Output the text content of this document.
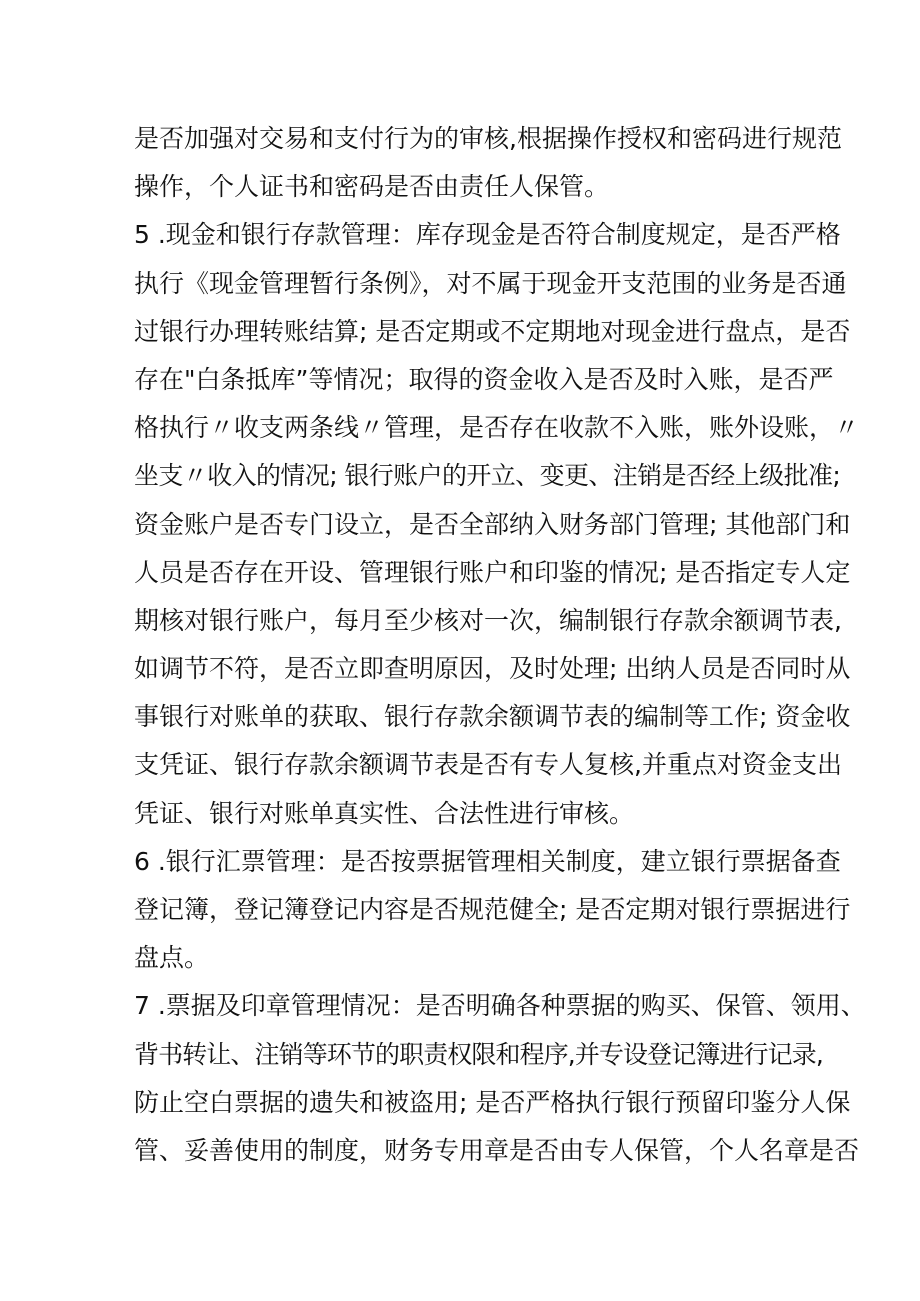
是否加强对交易和支付行为的审核,根据操作授权和密码进行规范
操作，个人证书和密码是否由责任人保管。
5 .现金和银行存款管理：库存现金是否符合制度规定，是否严格
执行《现金管理暂行条例》，对不属于现金开支范围的业务是否通
过银行办理转账结算; 是否定期或不定期地对现金进行盘点，是否
存在"白条抵库”等情况；取得的资金收入是否及时入账，是否严
格执行〃收支两条线〃管理，是否存在收款不入账，账外设账，〃
坐支〃收入的情况; 银行账户的开立、变更、注销是否经上级批准;
资金账户是否专门设立，是否全部纳入财务部门管理; 其他部门和
人员是否存在开设、管理银行账户和印鉴的情况; 是否指定专人定
期核对银行账户，每月至少核对一次，编制银行存款余额调节表,
如调节不符，是否立即查明原因，及时处理; 出纳人员是否同时从
事银行对账单的获取、银行存款余额调节表的编制等工作; 资金收
支凭证、银行存款余额调节表是否有专人复核,并重点对资金支出
凭证、银行对账单真实性、合法性进行审核。
6 .银行汇票管理：是否按票据管理相关制度，建立银行票据备查
登记簿，登记簿登记内容是否规范健全; 是否定期对银行票据进行
盘点。
7 .票据及印章管理情况：是否明确各种票据的购买、保管、领用、
背书转让、注销等环节的职责权限和程序,并专设登记簿进行记录,
防止空白票据的遗失和被盗用; 是否严格执行银行预留印鉴分人保
管、妥善使用的制度，财务专用章是否由专人保管，个人名章是否
